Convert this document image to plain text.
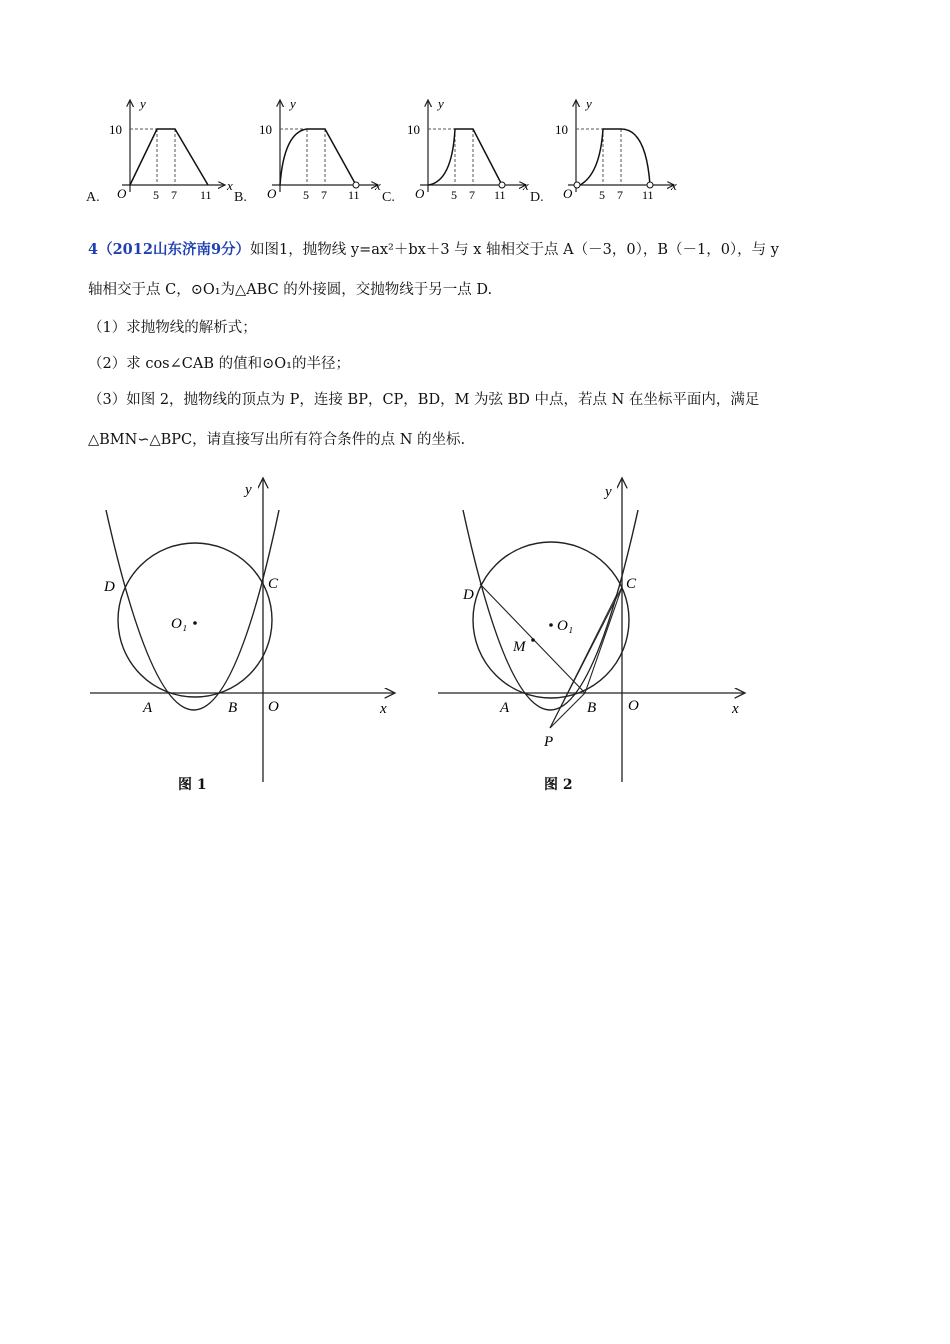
A.
y
x
10
O 5 7 11 B.
y
x
10
O 5 7 11 C.
y
x
10
O 5 7 11 D.
y
x
10
O 5 7 11
4（2012山东济南9分）如图1，抛物线 y=ax²＋bx＋3 与 x 轴相交于点 A（－3，0），B（－1，0），与 y
轴相交于点 C，⊙O₁为△ABC 的外接圆，交抛物线于另一点 D.
（1）求抛物线的解析式；
（2）求 cos∠CAB 的值和⊙O₁的半径；
（3）如图 2，抛物线的顶点为 P，连接 BP，CP，BD，M 为弦 BD 中点，若点 N 在坐标平面内，满足
△BMN∽△BPC，请直接写出所有符合条件的点 N 的坐标.
y
x
O
A	B
C
D
O₁
图 1
y
x
O
A	B
C
D
O₁
M
P
图 2
